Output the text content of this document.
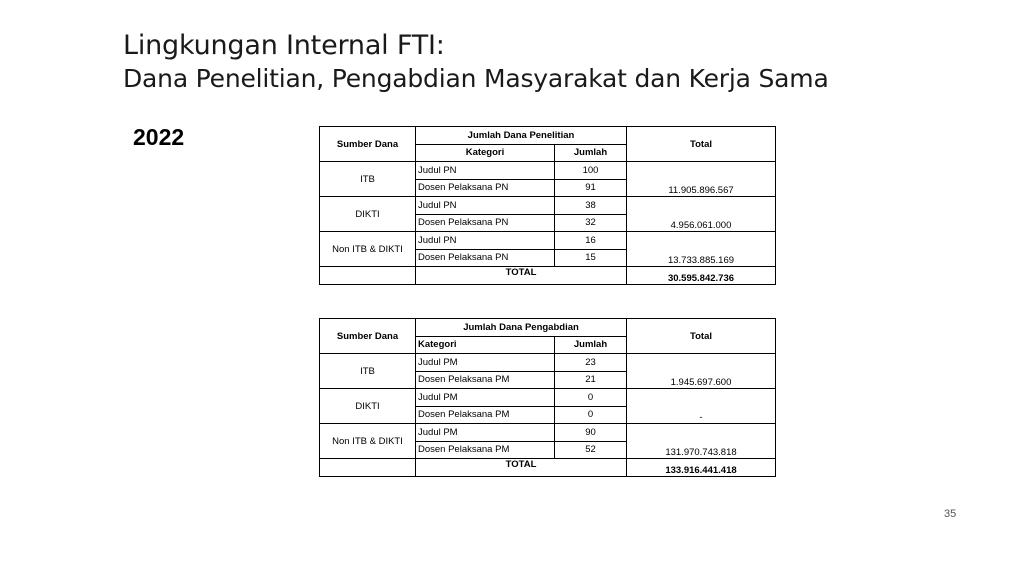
Lingkungan Internal FTI:
Dana Penelitian, Pengabdian Masyarakat dan Kerja Sama
2022	Sumber Dana	Jumlah Dana Penelitian		Total
	Kategori	Jumlah	
ITB	Judul PN	100	11.905.896.567
	Dosen Pelaksana PN	91	
DIKTI	Judul PN	38	4.956.061.000
	Dosen Pelaksana PN	32	
Non ITB & DIKTI	Judul PN	16	13.733.885.169
	Dosen Pelaksana PN	15	
	TOTAL		30.595.842.736
Sumber Dana	Jumlah Dana Pengabdian		Total
	Kategori	Jumlah	
ITB	Judul PM	23	1.945.697.600
	Dosen Pelaksana PM	21	
DIKTI	Judul PM	0	-
	Dosen Pelaksana PM	0	
Non ITB & DIKTI	Judul PM	90	131.970.743.818
	Dosen Pelaksana PM	52	
	TOTAL		133.916.441.418
35
